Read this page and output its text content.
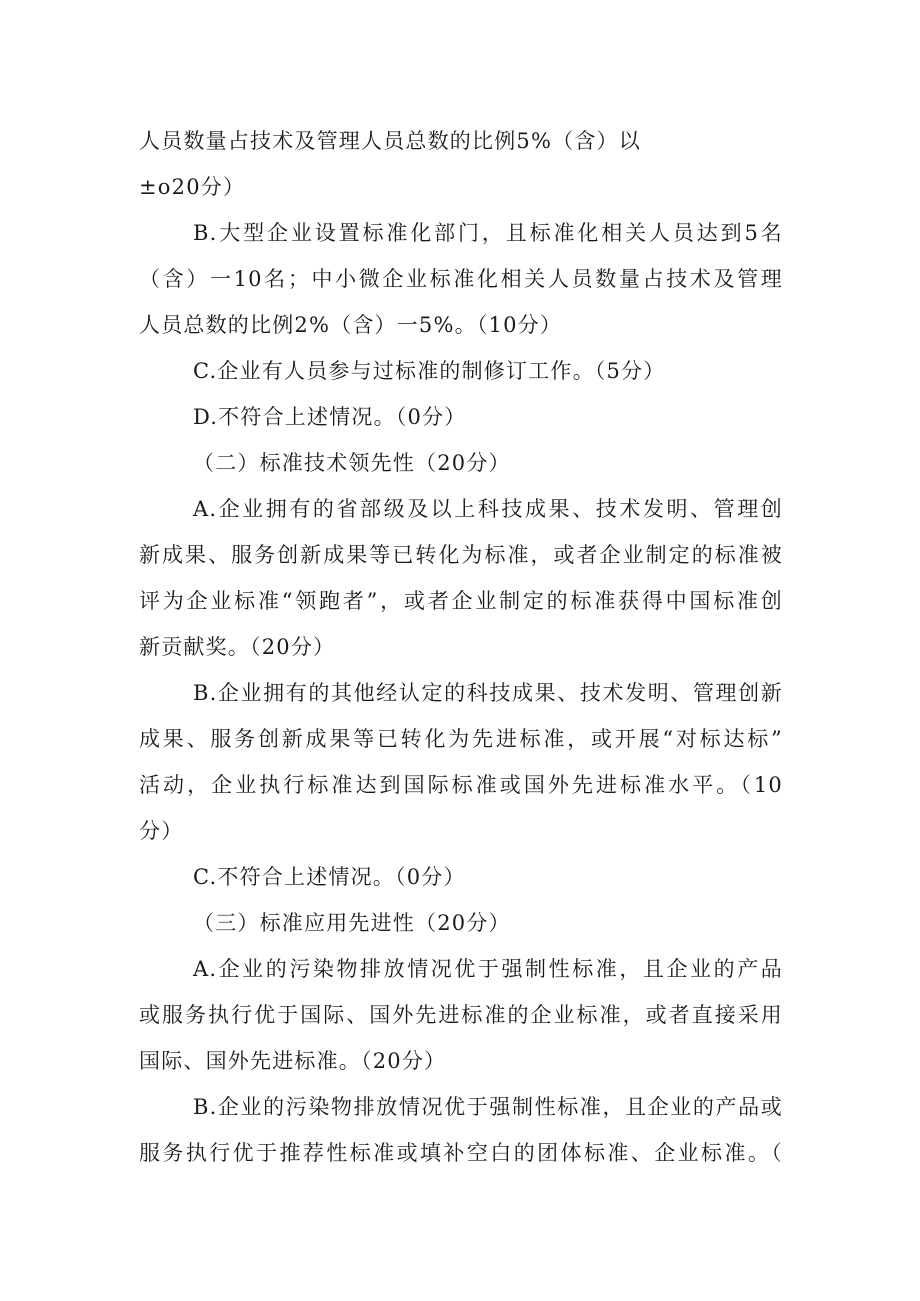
人员数量占技术及管理人员总数的比例5%（含）以
±o20分）
B.大型企业设置标准化部门，且标准化相关人员达到5名
（含）一10名；中小微企业标准化相关人员数量占技术及管理
人员总数的比例2%（含）一5%。（10分）
C.企业有人员参与过标准的制修订工作。（5分）
D.不符合上述情况。（0分）
（二）标准技术领先性（20分）
A.企业拥有的省部级及以上科技成果、技术发明、管理创
新成果、服务创新成果等已转化为标准，或者企业制定的标准被
评为企业标准“领跑者”，或者企业制定的标准获得中国标准创
新贡献奖。（20分）
B.企业拥有的其他经认定的科技成果、技术发明、管理创新
成果、服务创新成果等已转化为先进标准，或开展“对标达标”
活动，企业执行标准达到国际标准或国外先进标准水平。（10
分）
C.不符合上述情况。（0分）
（三）标准应用先进性（20分）
A.企业的污染物排放情况优于强制性标准，且企业的产品
或服务执行优于国际、国外先进标准的企业标准，或者直接采用
国际、国外先进标准。（20分）
B.企业的污染物排放情况优于强制性标准，且企业的产品或
服务执行优于推荐性标准或填补空白的团体标准、企业标准。（
